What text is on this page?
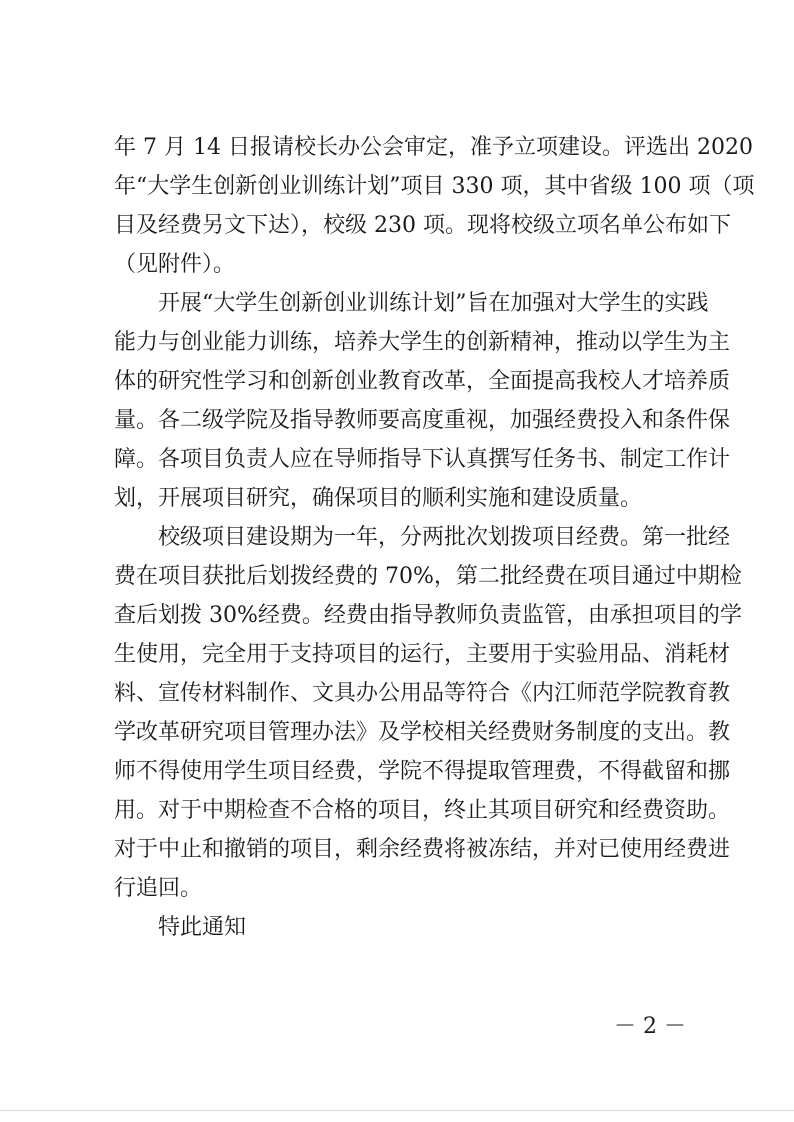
年 7 月 14 日报请校长办公会审定，准予立项建设。评选出 2020
年“大学生创新创业训练计划”项目 330 项，其中省级 100 项（项
目及经费另文下达），校级 230 项。现将校级立项名单公布如下
（见附件）。
开展“大学生创新创业训练计划”旨在加强对大学生的实践
能力与创业能力训练，培养大学生的创新精神，推动以学生为主
体的研究性学习和创新创业教育改革，全面提高我校人才培养质
量。各二级学院及指导教师要高度重视，加强经费投入和条件保
障。各项目负责人应在导师指导下认真撰写任务书、制定工作计
划，开展项目研究，确保项目的顺利实施和建设质量。
校级项目建设期为一年，分两批次划拨项目经费。第一批经
费在项目获批后划拨经费的 70%，第二批经费在项目通过中期检
查后划拨 30%经费。经费由指导教师负责监管，由承担项目的学
生使用，完全用于支持项目的运行，主要用于实验用品、消耗材
料、宣传材料制作、文具办公用品等符合《内江师范学院教育教
学改革研究项目管理办法》及学校相关经费财务制度的支出。教
师不得使用学生项目经费，学院不得提取管理费，不得截留和挪
用。对于中期检查不合格的项目，终止其项目研究和经费资助。
对于中止和撤销的项目，剩余经费将被冻结，并对已使用经费进
行追回。
特此通知
－ 2 －
